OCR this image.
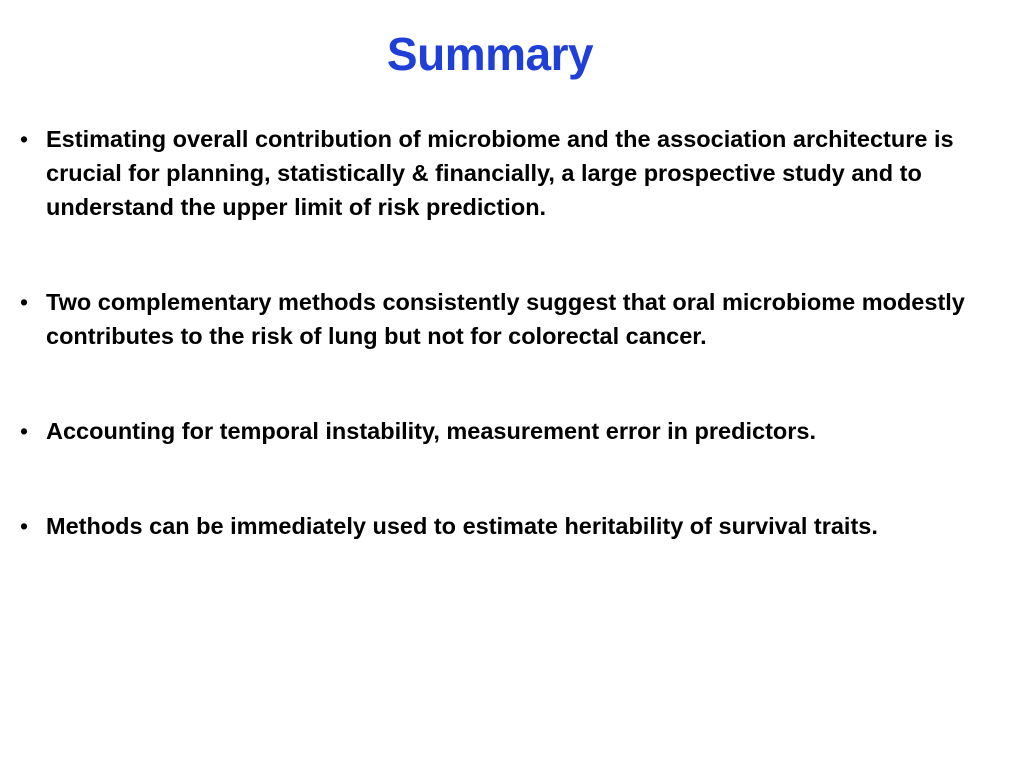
Summary
• Estimating overall contribution of microbiome and the association architecture is crucial for planning, statistically & financially, a large prospective study and to understand the upper limit of risk prediction.
• Two complementary methods consistently suggest that oral microbiome modestly contributes to the risk of lung but not for colorectal cancer.
• Accounting for temporal instability, measurement error in predictors.
• Methods can be immediately used to estimate heritability of survival traits.
